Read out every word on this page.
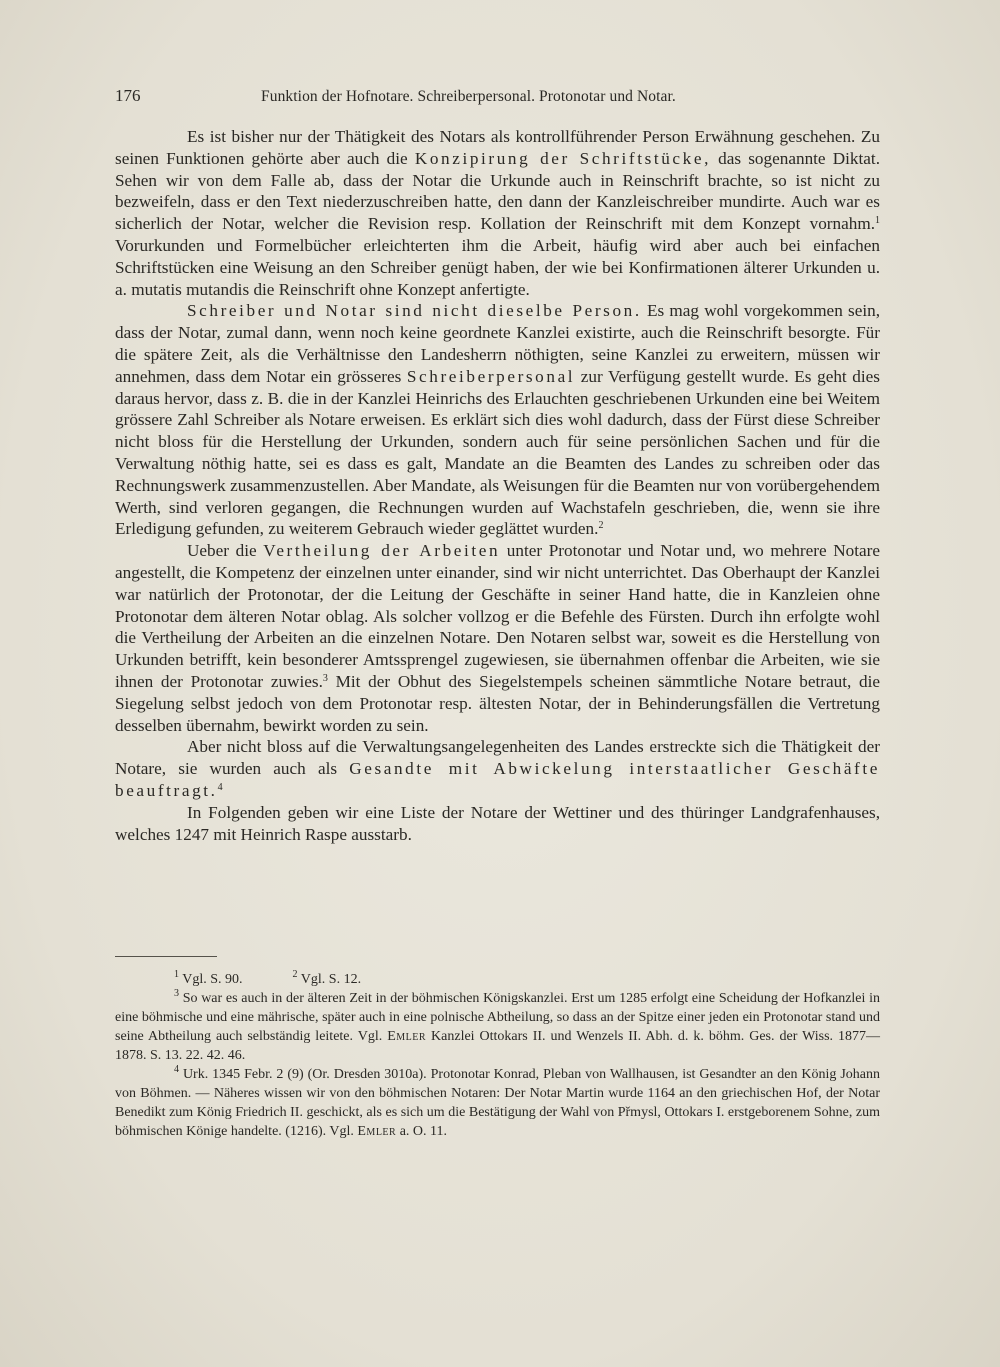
176	Funktion der Hofnotare. Schreiberpersonal. Protonotar und Notar.

Es ist bisher nur der Thätigkeit des Notars als kontrollführender Person Erwähnung geschehen. Zu seinen Funktionen gehörte aber auch die Konzipirung der Schriftstücke, das sogenannte Diktat. Sehen wir von dem Falle ab, dass der Notar die Urkunde auch in Reinschrift brachte, so ist nicht zu bezweifeln, dass er den Text niederzuschreiben hatte, den dann der Kanzleischreiber mundirte. Auch war es sicherlich der Notar, welcher die Revision resp. Kollation der Reinschrift mit dem Konzept vornahm.$^1$ Vorurkunden und Formelbücher erleichterten ihm die Arbeit, häufig wird aber auch bei einfachen Schriftstücken eine Weisung an den Schreiber genügt haben, der wie bei Konfirmationen älterer Urkunden u. a. mutatis mutandis die Reinschrift ohne Konzept anfertigte.

Schreiber und Notar sind nicht dieselbe Person. Es mag wohl vorgekommen sein, dass der Notar, zumal dann, wenn noch keine geordnete Kanzlei existirte, auch die Reinschrift besorgte. Für die spätere Zeit, als die Verhältnisse den Landesherrn nöthigten, seine Kanzlei zu erweitern, müssen wir annehmen, dass dem Notar ein grösseres Schreiberpersonal zur Verfügung gestellt wurde. Es geht dies daraus hervor, dass z. B. die in der Kanzlei Heinrichs des Erlauchten geschriebenen Urkunden eine bei Weitem grössere Zahl Schreiber als Notare erweisen. Es erklärt sich dies wohl dadurch, dass der Fürst diese Schreiber nicht bloss für die Herstellung der Urkunden, sondern auch für seine persönlichen Sachen und für die Verwaltung nöthig hatte, sei es dass es galt, Mandate an die Beamten des Landes zu schreiben oder das Rechnungswerk zusammenzustellen. Aber Mandate, als Weisungen für die Beamten nur von vorübergehendem Werth, sind verloren gegangen, die Rechnungen wurden auf Wachstafeln geschrieben, die, wenn sie ihre Erledigung gefunden, zu weiterem Gebrauch wieder geglättet wurden.$^2$

Ueber die Vertheilung der Arbeiten unter Protonotar und Notar und, wo mehrere Notare angestellt, die Kompetenz der einzelnen unter einander, sind wir nicht unterrichtet. Das Oberhaupt der Kanzlei war natürlich der Protonotar, der die Leitung der Geschäfte in seiner Hand hatte, die in Kanzleien ohne Protonotar dem älteren Notar oblag. Als solcher vollzog er die Befehle des Fürsten. Durch ihn erfolgte wohl die Vertheilung der Arbeiten an die einzelnen Notare. Den Notaren selbst war, soweit es die Herstellung von Urkunden betrifft, kein besonderer Amtssprengel zugewiesen, sie übernahmen offenbar die Arbeiten, wie sie ihnen der Protonotar zuwies.$^3$ Mit der Obhut des Siegelstempels scheinen sämmtliche Notare betraut, die Siegelung selbst jedoch von dem Protonotar resp. ältesten Notar, der in Behinderungsfällen die Vertretung desselben übernahm, bewirkt worden zu sein.

Aber nicht bloss auf die Verwaltungsangelegenheiten des Landes erstreckte sich die Thätigkeit der Notare, sie wurden auch als Gesandte mit Abwickelung interstaatlicher Geschäfte beauftragt.$^4$

In Folgenden geben wir eine Liste der Notare der Wettiner und des thüringer Landgrafenhauses, welches 1247 mit Heinrich Raspe ausstarb.

$^1$ Vgl. S. 90.	$^2$ Vgl. S. 12.

$^3$ So war es auch in der älteren Zeit in der böhmischen Königskanzlei. Erst um 1285 erfolgt eine Scheidung der Hofkanzlei in eine böhmische und eine mährische, später auch in eine polnische Abtheilung, so dass an der Spitze einer jeden ein Protonotar stand und seine Abtheilung auch selbständig leitete. Vgl. Emler Kanzlei Ottokars II. und Wenzels II. Abh. d. k. böhm. Ges. der Wiss. 1877—1878. S. 13. 22. 42. 46.

$^4$ Urk. 1345 Febr. 2 (9) (Or. Dresden 3010a). Protonotar Konrad, Pleban von Wallhausen, ist Gesandter an den König Johann von Böhmen. — Näheres wissen wir von den böhmischen Notaren: Der Notar Martin wurde 1164 an den griechischen Hof, der Notar Benedikt zum König Friedrich II. geschickt, als es sich um die Bestätigung der Wahl von Přmysl, Ottokars I. erstgeborenem Sohne, zum böhmischen Könige handelte. (1216). Vgl. Emler a. O. 11.
